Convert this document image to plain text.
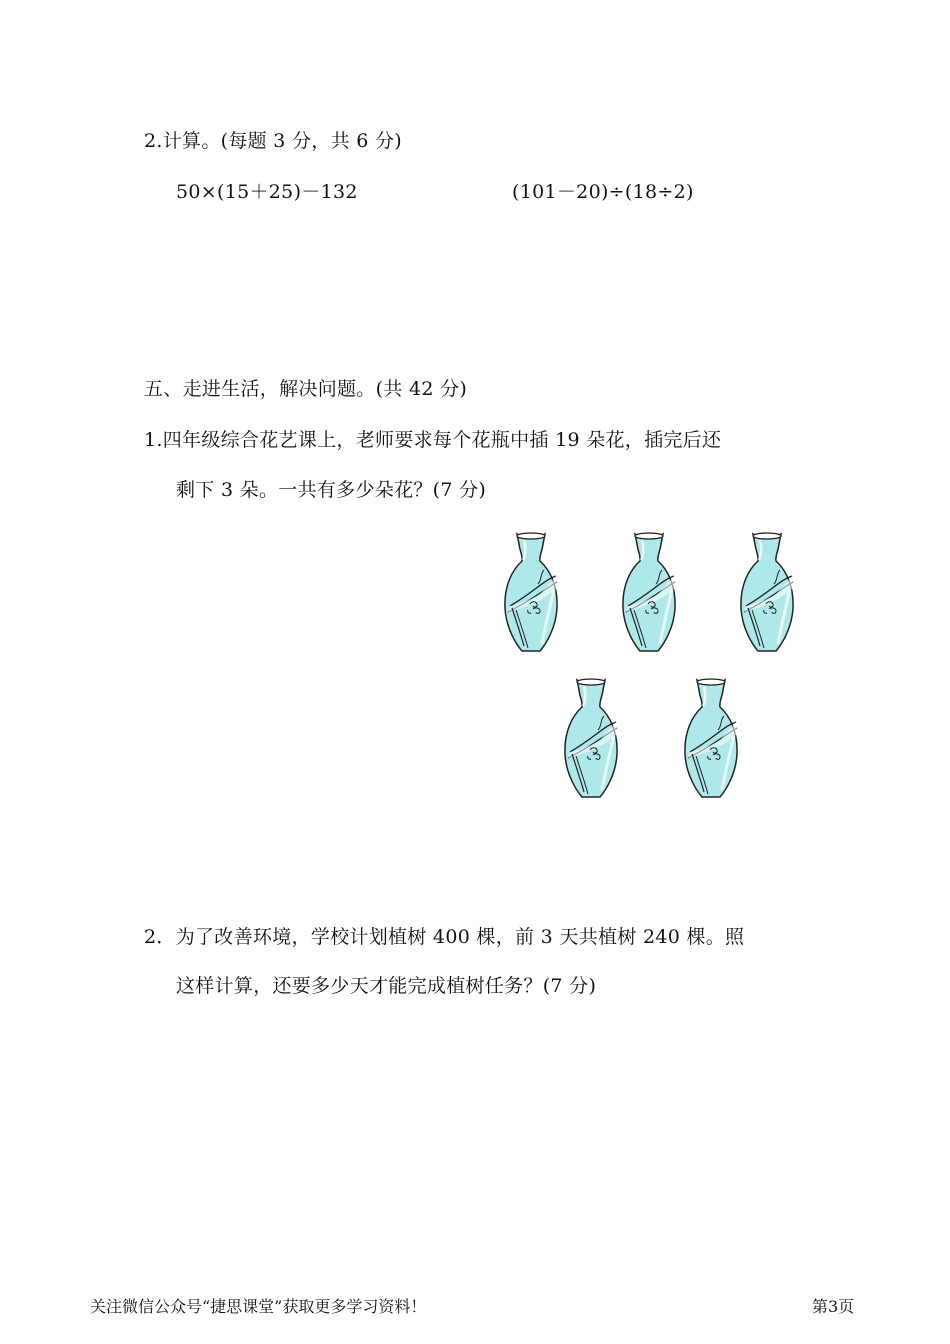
2.计算。(每题 3 分，共 6 分)
50×(15＋25)－132	(101－20)÷(18÷2)
五、走进生活，解决问题。(共 42 分)
1.四年级综合花艺课上，老师要求每个花瓶中插 19 朵花，插完后还
剩下 3 朵。一共有多少朵花？(7 分)
2．为了改善环境，学校计划植树 400 棵，前 3 天共植树 240 棵。照
这样计算，还要多少天才能完成植树任务？(7 分)
关注微信公众号“捷思课堂”获取更多学习资料！	第3页
